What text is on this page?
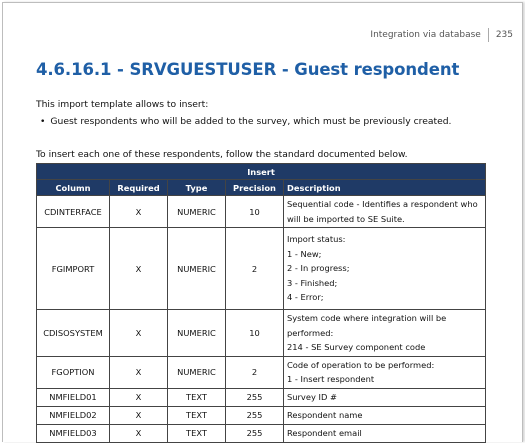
Integration via database 235
4.6.16.1 - SRVGUESTUSER - Guest respondent
This import template allows to insert:
• Guest respondents who will be added to the survey, which must be previously created.
To insert each one of these respondents, follow the standard documented below.
Insert				
Column	Required	Type	Precision	Description
CDINTERFACE	X	NUMERIC	10	Sequential code - Identifies a respondent who will be imported to SE Suite.

FGIMPORT	X	NUMERIC	2	Import status:
1 - New;
2 - In progress;
3 - Finished;
4 - Error;

CDISOSYSTEM	X	NUMERIC	10	System code where integration will be performed:
214 - SE Survey component code

FGOPTION	X	NUMERIC	2	Code of operation to be performed:
1 - Insert respondent

NMFIELD01	X	TEXT	255	Survey ID #

NMFIELD02	X	TEXT	255	Respondent name

NMFIELD03	X	TEXT	255	Respondent email
